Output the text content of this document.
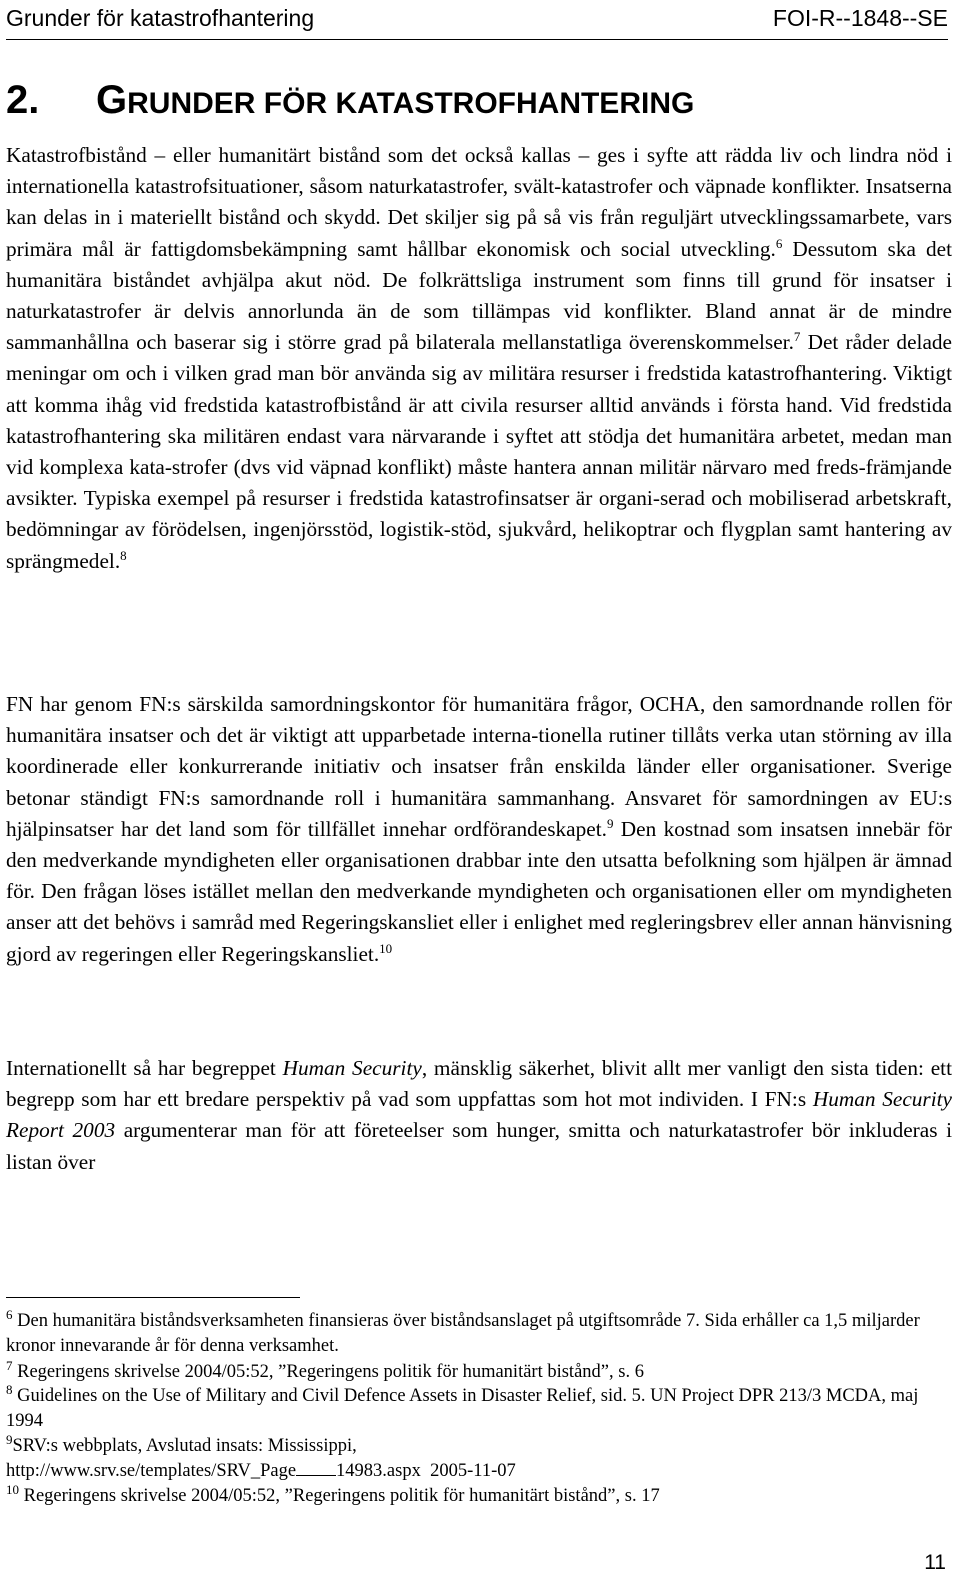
Grunder för katastrofhantering	FOI-R--1848--SE
2. GRUNDER FÖR KATASTROFHANTERING

Katastrofbistånd – eller humanitärt bistånd som det också kallas – ges i syfte att rädda liv och lindra nöd i internationella katastrofsituationer, såsom naturkatastrofer, svält-katastrofer och väpnade konflikter. Insatserna kan delas in i materiellt bistånd och skydd. Det skiljer sig på så vis från reguljärt utvecklingssamarbete, vars primära mål är fattigdomsbekämpning samt hållbar ekonomisk och social utveckling.$^6$ Dessutom ska det humanitära biståndet avhjälpa akut nöd. De folkrättsliga instrument som finns till grund för insatser i naturkatastrofer är delvis annorlunda än de som tillämpas vid konflikter. Bland annat är de mindre sammanhållna och baserar sig i större grad på bilaterala mellanstatliga överenskommelser.$^7$ Det råder delade meningar om och i vilken grad man bör använda sig av militära resurser i fredstida katastrofhantering. Viktigt att komma ihåg vid fredstida katastrofbistånd är att civila resurser alltid används i första hand. Vid fredstida katastrofhantering ska militären endast vara närvarande i syftet att stödja det humanitära arbetet, medan man vid komplexa kata-strofer (dvs vid väpnad konflikt) måste hantera annan militär närvaro med freds-främjande avsikter. Typiska exempel på resurser i fredstida katastrofinsatser är organi-serad och mobiliserad arbetskraft, bedömningar av förödelsen, ingenjörsstöd, logistik-stöd, sjukvård, helikoptrar och flygplan samt hantering av sprängmedel.$^8$

FN har genom FN:s särskilda samordningskontor för humanitära frågor, OCHA, den samordnande rollen för humanitära insatser och det är viktigt att upparbetade interna-tionella rutiner tillåts verka utan störning av illa koordinerade eller konkurrerande initiativ och insatser från enskilda länder eller organisationer. Sverige betonar ständigt FN:s samordnande roll i humanitära sammanhang. Ansvaret för samordningen av EU:s hjälpinsatser har det land som för tillfället innehar ordförandeskapet.$^9$ Den kostnad som insatsen innebär för den medverkande myndigheten eller organisationen drabbar inte den utsatta befolkning som hjälpen är ämnad för. Den frågan löses istället mellan den medverkande myndigheten och organisationen eller om myndigheten anser att det behövs i samråd med Regeringskansliet eller i enlighet med regleringsbrev eller annan hänvisning gjord av regeringen eller Regeringskansliet.$^{10}$

Internationellt så har begreppet Human Security, mänsklig säkerhet, blivit allt mer vanligt den sista tiden: ett begrepp som har ett bredare perspektiv på vad som uppfattas som hot mot individen. I FN:s Human Security Report 2003 argumenterar man för att företeelser som hunger, smitta och naturkatastrofer bör inkluderas i listan över

$^6$ Den humanitära biståndsverksamheten finansieras över biståndsanslaget på utgiftsområde 7. Sida erhåller ca 1,5 miljarder kronor innevarande år för denna verksamhet.

$^7$ Regeringens skrivelse 2004/05:52, ”Regeringens politik för humanitärt bistånd”, s. 6

$^8$ Guidelines on the Use of Military and Civil Defence Assets in Disaster Relief, sid. 5. UN Project DPR 213/3 MCDA, maj 1994

$^9$SRV:s webbplats, Avslutad insats: Mississippi,
http://www.srv.se/templates/SRV_Page 14983.aspx  2005-11-07

$^{10}$ Regeringens skrivelse 2004/05:52, ”Regeringens politik för humanitärt bistånd”, s. 17

11
